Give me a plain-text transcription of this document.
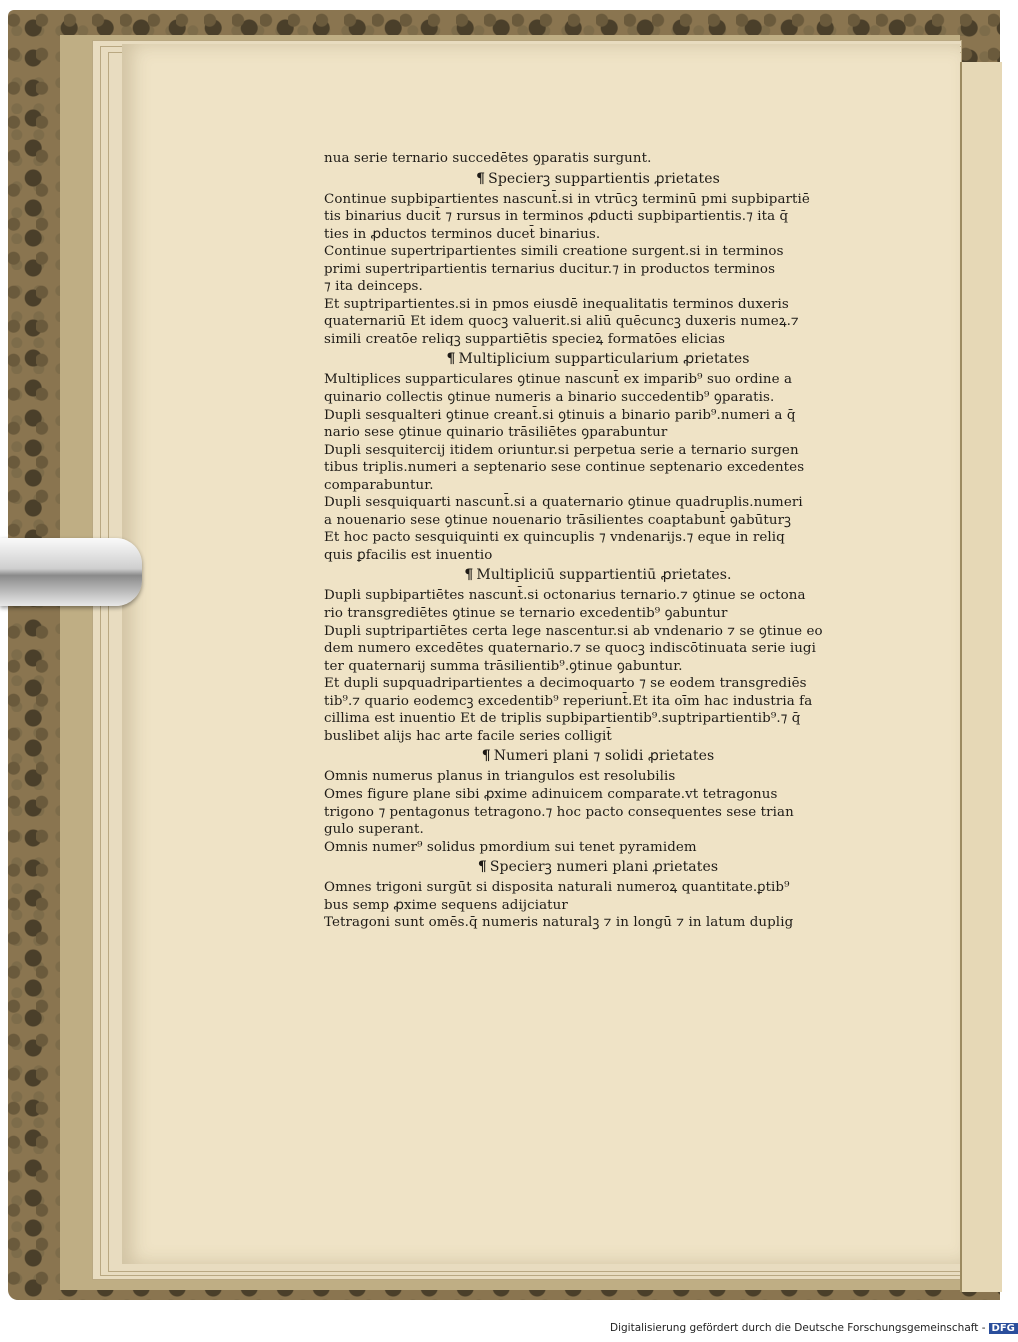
nua serie ternario succedētes ꝯparatis surgunt.
¶ Specierꝫ suppartientis ꝓrietates
Continue supbipartientes nascunt̄.si in vtrūcꝫ terminū pmi supbipartiē
tis binarius ducit̄ ⁊ rursus in terminos ꝓducti supbipartientis.⁊ ita q̄
ties in ꝓductos terminos ducet̄ binarius.
Continue supertripartientes simili creatione surgent.si in terminos
primi supertripartientis ternarius ducitur.⁊ in productos terminos
⁊ ita deinceps.
Et suptripartientes.si in pmos eiusdē inequalitatis terminos duxeris
quaternariū Et idem quocꝫ valuerit.si aliū quēcuncꝫ duxeris numeꝝ.⁊
simili creatōe reliqꝫ suppartiētis specieꝝ formatōes elicias
¶ Multiplicium supparticularium ꝓrietates
Multiplices supparticulares ꝯtinue nascunt̄ ex imparib⁹ suo ordine a
quinario collectis ꝯtinue numeris a binario succedentib⁹ ꝯparatis.
Dupli sesqualteri ꝯtinue creant̄.si ꝯtinuis a binario parib⁹.numeri a q̄
nario sese ꝯtinue quinario trāsiliētes ꝯparabuntur
Dupli sesquitercij itidem oriuntur.si perpetua serie a ternario surgen
tibus triplis.numeri a septenario sese continue septenario excedentes
comparabuntur.
Dupli sesquiquarti nascunt̄.si a quaternario ꝯtinue quadruplis.numeri
a nouenario sese ꝯtinue nouenario trāsilientes coaptabunt̄ ꝯabūturꝫ
Et hoc pacto sesquiquinti ex quincuplis ⁊ vndenarijs.⁊ eque in reliq
quis ꝑfacilis est inuentio
¶ Multipliciū suppartientiū ꝓrietates.
Dupli supbipartiētes nascunt̄.si octonarius ternario.⁊ ꝯtinue se octona
rio transgrediētes ꝯtinue se ternario excedentib⁹ ꝯabuntur
Dupli suptripartiētes certa lege nascentur.si ab vndenario ⁊ se ꝯtinue eo
dem numero excedētes quaternario.⁊ se quocꝫ indiscōtinuata serie iugi
ter quaternarij summa trāsilientib⁹.ꝯtinue ꝯabuntur.
Et dupli supquadripartientes a decimoquarto ⁊ se eodem transgrediēs
tib⁹.⁊ quario eodemcꝫ excedentib⁹ reperiunt̄.Et ita oīm hac industria fa
cillima est inuentio Et de triplis supbipartientib⁹.suptripartientib⁹.⁊ q̄
buslibet alijs hac arte facile series colligit̄
¶ Numeri plani ⁊ solidi ꝓrietates
Omnis numerus planus in triangulos est resolubilis
Omes figure plane sibi ꝓxime adinuicem comparate.vt tetragonus
trigono ⁊ pentagonus tetragono.⁊ hoc pacto consequentes sese trian
gulo superant.
Omnis numer⁹ solidus pmordium sui tenet pyramidem
¶ Specierꝫ numeri plani ꝓrietates
Omnes trigoni surgūt si disposita naturali numeroꝝ quantitate.ꝑtib⁹
bus semp ꝓxime sequens adijciatur
Tetragoni sunt omēs.q̄ numeris naturalꝫ ⁊ in longū ⁊ in latum duplig
Digitalisierung gefördert durch die Deutsche Forschungsgemeinschaft - DFG
